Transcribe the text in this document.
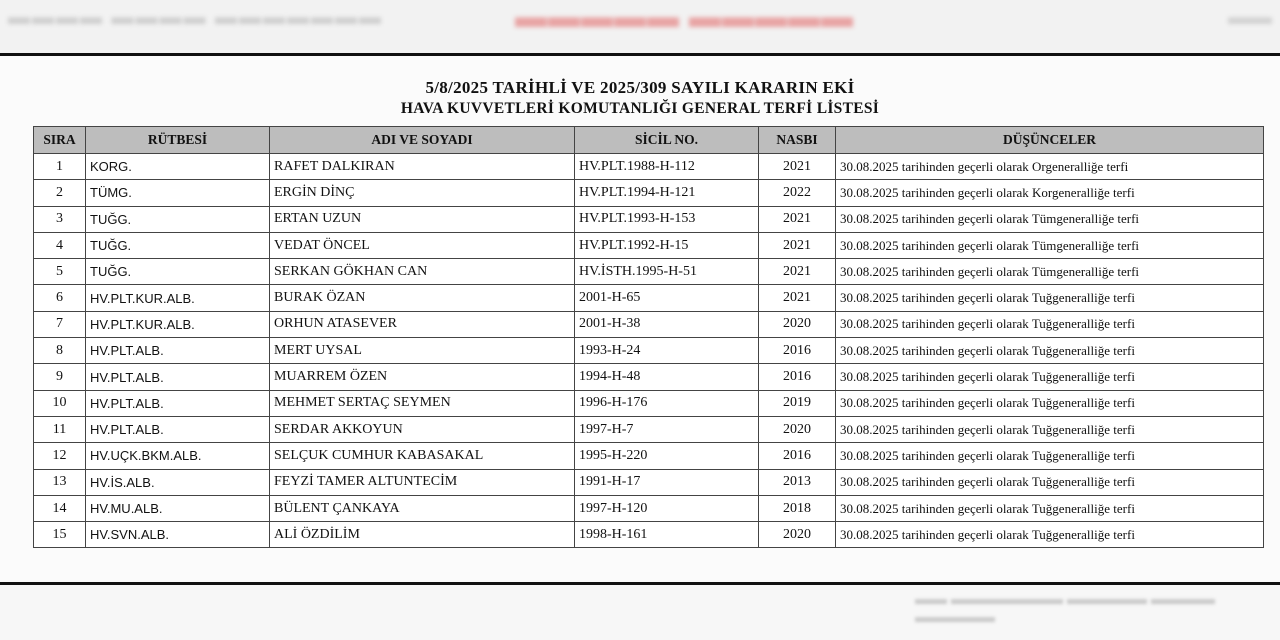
▬▬▬▬ ▬▬▬▬ ▬▬▬▬▬▬▬	▬▬▬▬▬ ▬▬▬▬▬	▬▬
5/8/2025 TARİHLİ VE 2025/309 SAYILI KARARIN EKİ
HAVA KUVVETLERİ KOMUTANLIĞI GENERAL TERFİ LİSTESİ
SIRA	RÜTBESİ	ADI VE SOYADI	SİCİL NO.	NASBI	DÜŞÜNCELER
1	KORG.	RAFET DALKIRAN	HV.PLT.1988-H-112	2021	30.08.2025 tarihinden geçerli olarak Orgeneralliğe terfi
2	TÜMG.	ERGİN DİNÇ	HV.PLT.1994-H-121	2022	30.08.2025 tarihinden geçerli olarak Korgeneralliğe terfi
3	TUĞG.	ERTAN UZUN	HV.PLT.1993-H-153	2021	30.08.2025 tarihinden geçerli olarak Tümgeneralliğe terfi
4	TUĞG.	VEDAT ÖNCEL	HV.PLT.1992-H-15	2021	30.08.2025 tarihinden geçerli olarak Tümgeneralliğe terfi
5	TUĞG.	SERKAN GÖKHAN CAN	HV.İSTH.1995-H-51	2021	30.08.2025 tarihinden geçerli olarak Tümgeneralliğe terfi
6	HV.PLT.KUR.ALB.	BURAK ÖZAN	2001-H-65	2021	30.08.2025 tarihinden geçerli olarak Tuğgeneralliğe terfi
7	HV.PLT.KUR.ALB.	ORHUN ATASEVER	2001-H-38	2020	30.08.2025 tarihinden geçerli olarak Tuğgeneralliğe terfi
8	HV.PLT.ALB.	MERT UYSAL	1993-H-24	2016	30.08.2025 tarihinden geçerli olarak Tuğgeneralliğe terfi
9	HV.PLT.ALB.	MUARREM ÖZEN	1994-H-48	2016	30.08.2025 tarihinden geçerli olarak Tuğgeneralliğe terfi
10	HV.PLT.ALB.	MEHMET SERTAÇ SEYMEN	1996-H-176	2019	30.08.2025 tarihinden geçerli olarak Tuğgeneralliğe terfi
11	HV.PLT.ALB.	SERDAR AKKOYUN	1997-H-7	2020	30.08.2025 tarihinden geçerli olarak Tuğgeneralliğe terfi
12	HV.UÇK.BKM.ALB.	SELÇUK CUMHUR KABASAKAL	1995-H-220	2016	30.08.2025 tarihinden geçerli olarak Tuğgeneralliğe terfi
13	HV.İS.ALB.	FEYZİ TAMER ALTUNTECİM	1991-H-17	2013	30.08.2025 tarihinden geçerli olarak Tuğgeneralliğe terfi
14	HV.MU.ALB.	BÜLENT ÇANKAYA	1997-H-120	2018	30.08.2025 tarihinden geçerli olarak Tuğgeneralliğe terfi
15	HV.SVN.ALB.	ALİ ÖZDİLİM	1998-H-161	2020	30.08.2025 tarihinden geçerli olarak Tuğgeneralliğe terfi
▬▬ ▬▬▬▬▬▬▬ ▬▬▬▬▬ ▬▬▬▬ ▬▬▬▬▬
